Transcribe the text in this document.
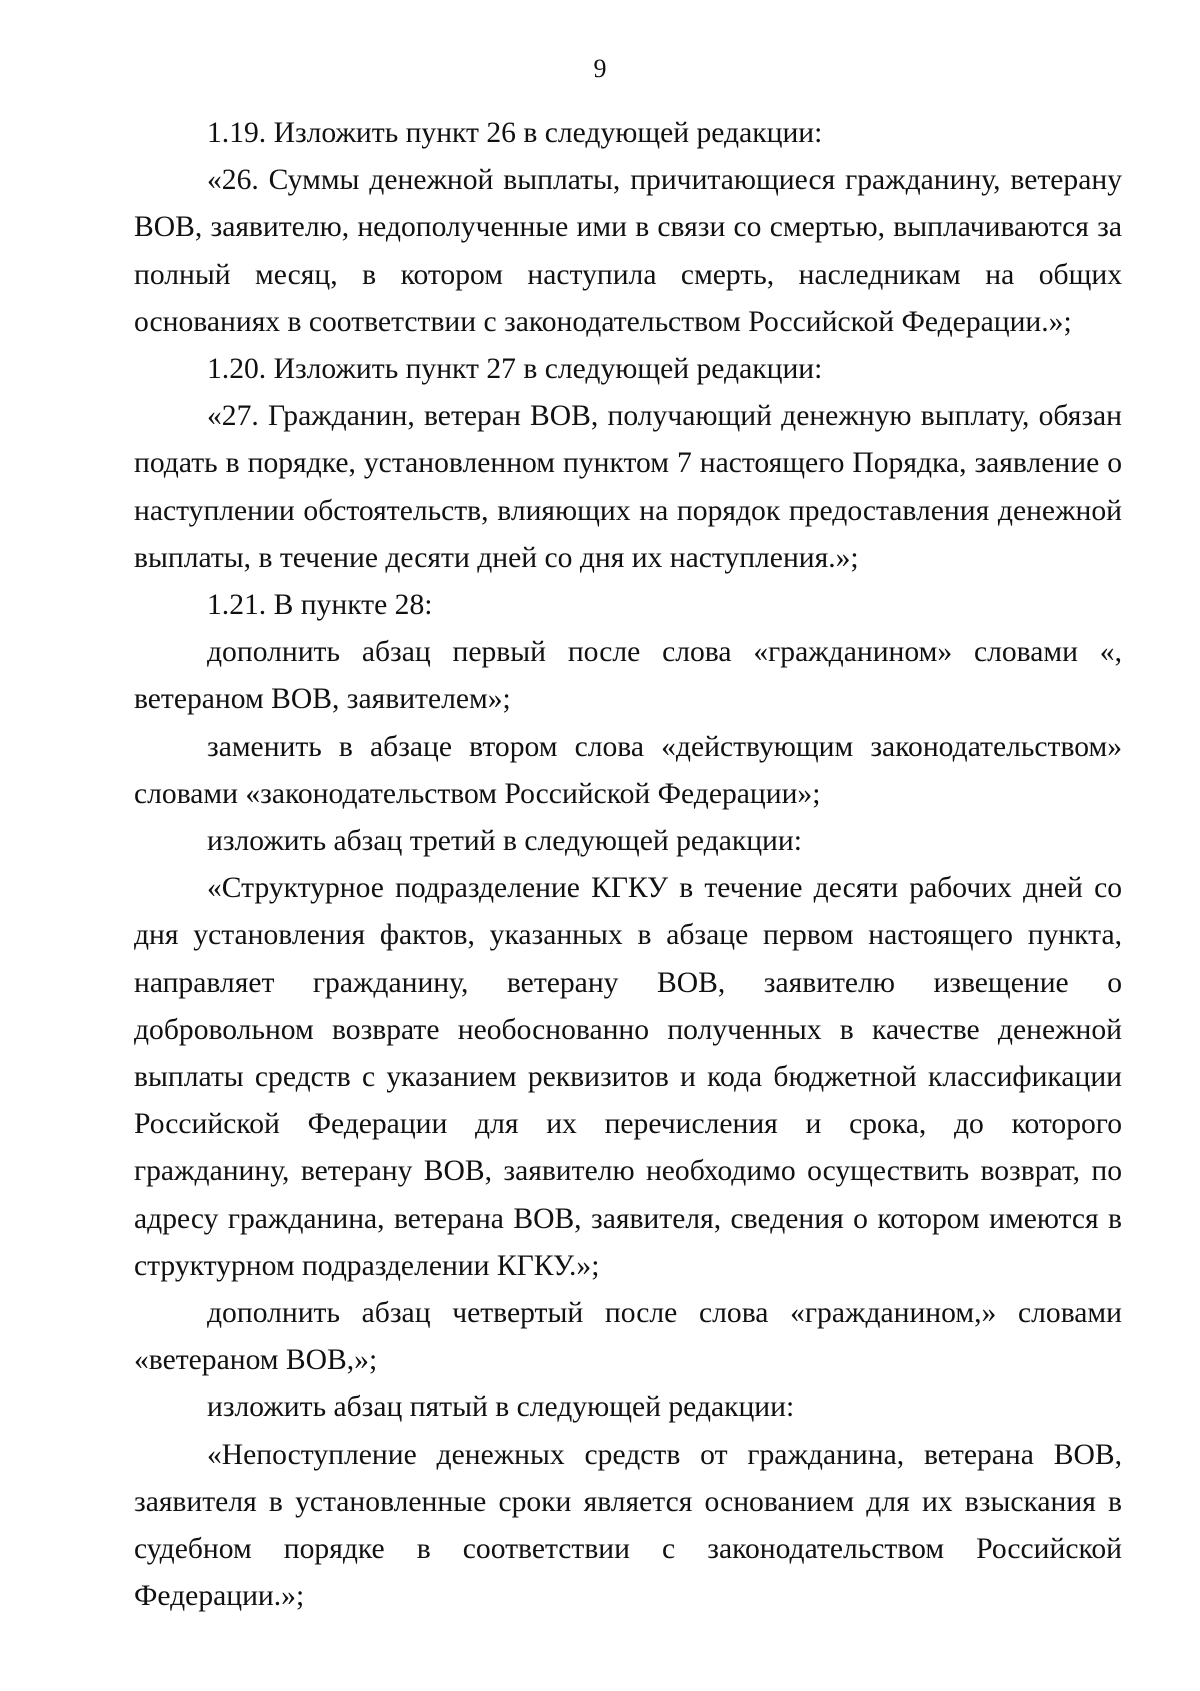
9

1.19. Изложить пункт 26 в следующей редакции:

«26. Суммы денежной выплаты, причитающиеся гражданину, ветерану ВОВ, заявителю, недополученные ими в связи со смертью, выплачиваются за полный месяц, в котором наступила смерть, наследникам на общих основаниях в соответствии с законодательством Российской Федерации.»;

1.20. Изложить пункт 27 в следующей редакции:

«27. Гражданин, ветеран ВОВ, получающий денежную выплату, обязан подать в порядке, установленном пунктом 7 настоящего Порядка, заявление о наступлении обстоятельств, влияющих на порядок предоставления денежной выплаты, в течение десяти дней со дня их наступления.»;

1.21. В пункте 28:

дополнить абзац первый после слова «гражданином» словами «, ветераном ВОВ, заявителем»;

заменить в абзаце втором слова «действующим законодательством» словами «законодательством Российской Федерации»;

изложить абзац третий в следующей редакции:

«Структурное подразделение КГКУ в течение десяти рабочих дней со дня установления фактов, указанных в абзаце первом настоящего пункта, направляет гражданину, ветерану ВОВ, заявителю извещение о добровольном возврате необоснованно полученных в качестве денежной выплаты средств с указанием реквизитов и кода бюджетной классификации Российской Федерации для их перечисления и срока, до которого гражданину, ветерану ВОВ, заявителю необходимо осуществить возврат, по адресу гражданина, ветерана ВОВ, заявителя, сведения о котором имеются в структурном подразделении КГКУ.»;

дополнить абзац четвертый после слова «гражданином,» словами «ветераном ВОВ,»;

изложить абзац пятый в следующей редакции:

«Непоступление денежных средств от гражданина, ветерана ВОВ, заявителя в установленные сроки является основанием для их взыскания в судебном порядке в соответствии с законодательством Российской Федерации.»;
